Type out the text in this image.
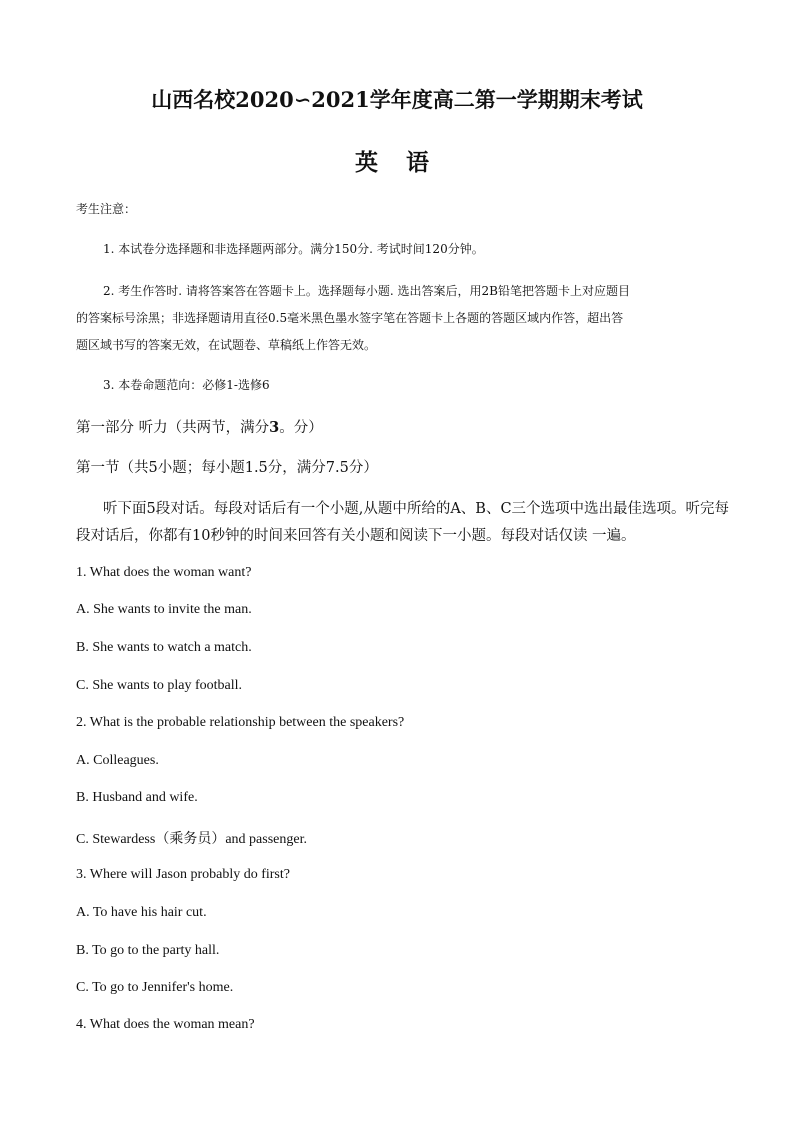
山西名校2020∽2021学年度高二第一学期期末考试
英 语
考生注意：
1. 本试卷分选择题和非选择题两部分。满分150分. 考试时间120分钟。
2. 考生作答时. 请将答案答在答题卡上。选择题每小题. 选出答案后，用2B铅笔把答题卡上对应题目
的答案标号涂黑；非选择题请用直径0.5毫米黑色墨水签字笔在答题卡上各题的答题区域内作答，超出答
题区域书写的答案无效，在试题卷、草稿纸上作答无效。
3. 本卷命题范向：必修1-选修6
第一部分 听力（共两节，满分3。分）
第一节（共5小题；每小题1.5分，满分7.5分）
听下面5段对话。每段对话后有一个小题,从题中所给的A、B、C三个选项中选出最佳选项。听完每
段对话后，你都有10秒钟的时间来回答有关小题和阅读下一小题。每段对话仅读 一遍。
1. What does the woman want?
A. She wants to invite the man.
B. She wants to watch a match.
C. She wants to play football.
2. What is the probable relationship between the speakers?
A. Colleagues.
B. Husband and wife.
C. Stewardess（乘务员）and passenger.
3. Where will Jason probably do first?
A. To have his hair cut.
B. To go to the party hall.
C. To go to Jennifer's home.
4. What does the woman mean?
